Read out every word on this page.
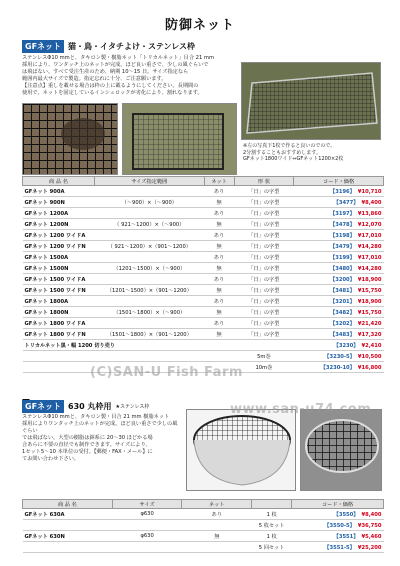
防御ネット
GFネット 猫・鳥・イタチよけ・ステンレス枠
ステンレスΦ10 mmと、タキロン製・樹脂ネット「トリカルネット」目合 21 mm
採用により、ワンタッチ上のネットが完成。ほど良い重さで、少しの風ぐらいで
は飛ばない。すべて受注生産のため、納期 10～15 日。サイズ指定なら
範囲内最大サイズで製造。指定忘れに十分、ご注意願います。
【注意点】重しを載せる場合は枠の上に載るようにしてください。長期間の
使用で、ネットを固定しているインシュロックが劣化により、割れなります。
※左の写真下1枚で作ると良いのでので、
2分割することもおすすめします。
GFネット1800ワイド⇔GFネット1200×2枚
商 品 名	サイズ指定範囲	ネット	形 状	コード・価格
GFネット 900A		あり	「日」の字型	【3196】 ¥10,710
GFネット 900N	（～900）×（～900）	無	「日」の字型	【3477】 ¥8,400
GFネット 1200A		あり	「日」の字型	【3197】 ¥13,860
GFネット 1200N	（ 921～1200）×（～900）	無	「日」の字型	【3478】 ¥12,070
GFネット 1200 ワイドA		あり	「日」の字型	【3198】 ¥17,010
GFネット 1200 ワイドN	（ 921～1200）×（901～1200）	無	「日」の字型	【3479】 ¥14,280
GFネット 1500A		あり	「日」の字型	【3199】 ¥17,010
GFネット 1500N	（1201～1500）×（～900）	無	「日」の字型	【3480】 ¥14,280
GFネット 1500 ワイドA		あり	「日」の字型	【3200】 ¥18,900
GFネット 1500 ワイドN	（1201～1500）×（901～1200）	無	「日」の字型	【3481】 ¥15,750
GFネット 1800A		あり	「日」の字型	【3201】 ¥18,900
GFネット 1800N	（1501～1800）×（～900）	無	「日」の字型	【3482】 ¥15,750
GFネット 1800 ワイドA		あり	「日」の字型	【3202】 ¥21,420
GFネット 1800 ワイドN	（1501～1800）×（901～1200）	無	「日」の字型	【3483】 ¥17,320
トリカルネット黒・幅 1200 切り売り				【3230】 ¥2,410
			5m巻	【3230-5】 ¥10,500
			10m巻	【3230-10】 ¥16,800
GFネット 630 丸枠用 ★ステンレス枠
ステンレスΦ10 mmと、タキロン製・目合 21 mm 樹脂ネット
採用によりワンタッチ上のネットが完成。ほど良い重さで少しの風ぐらい
では飛ばない。大型の樹脂は鉢系に 20～30 ほどかる場
合あらに不要の直径でも制作できます。サイズにより、
1セット5～10 本単位の受付。【郵便・FAX・メール】に
てお問い合わせ下さい。
商 品 名	サイズ	ネット		コード・価格
GFネット 630A	φ630	あり	1 枚	【3550】 ¥8,400
			5 枚セット	【3550-5】 ¥36,750
GFネット 630N	φ630	無	1 枚	【3551】 ¥5,460
			5 回セット	【3551-5】 ¥25,200
(C)SAN-U Fish Farm
www.san-u74.com
